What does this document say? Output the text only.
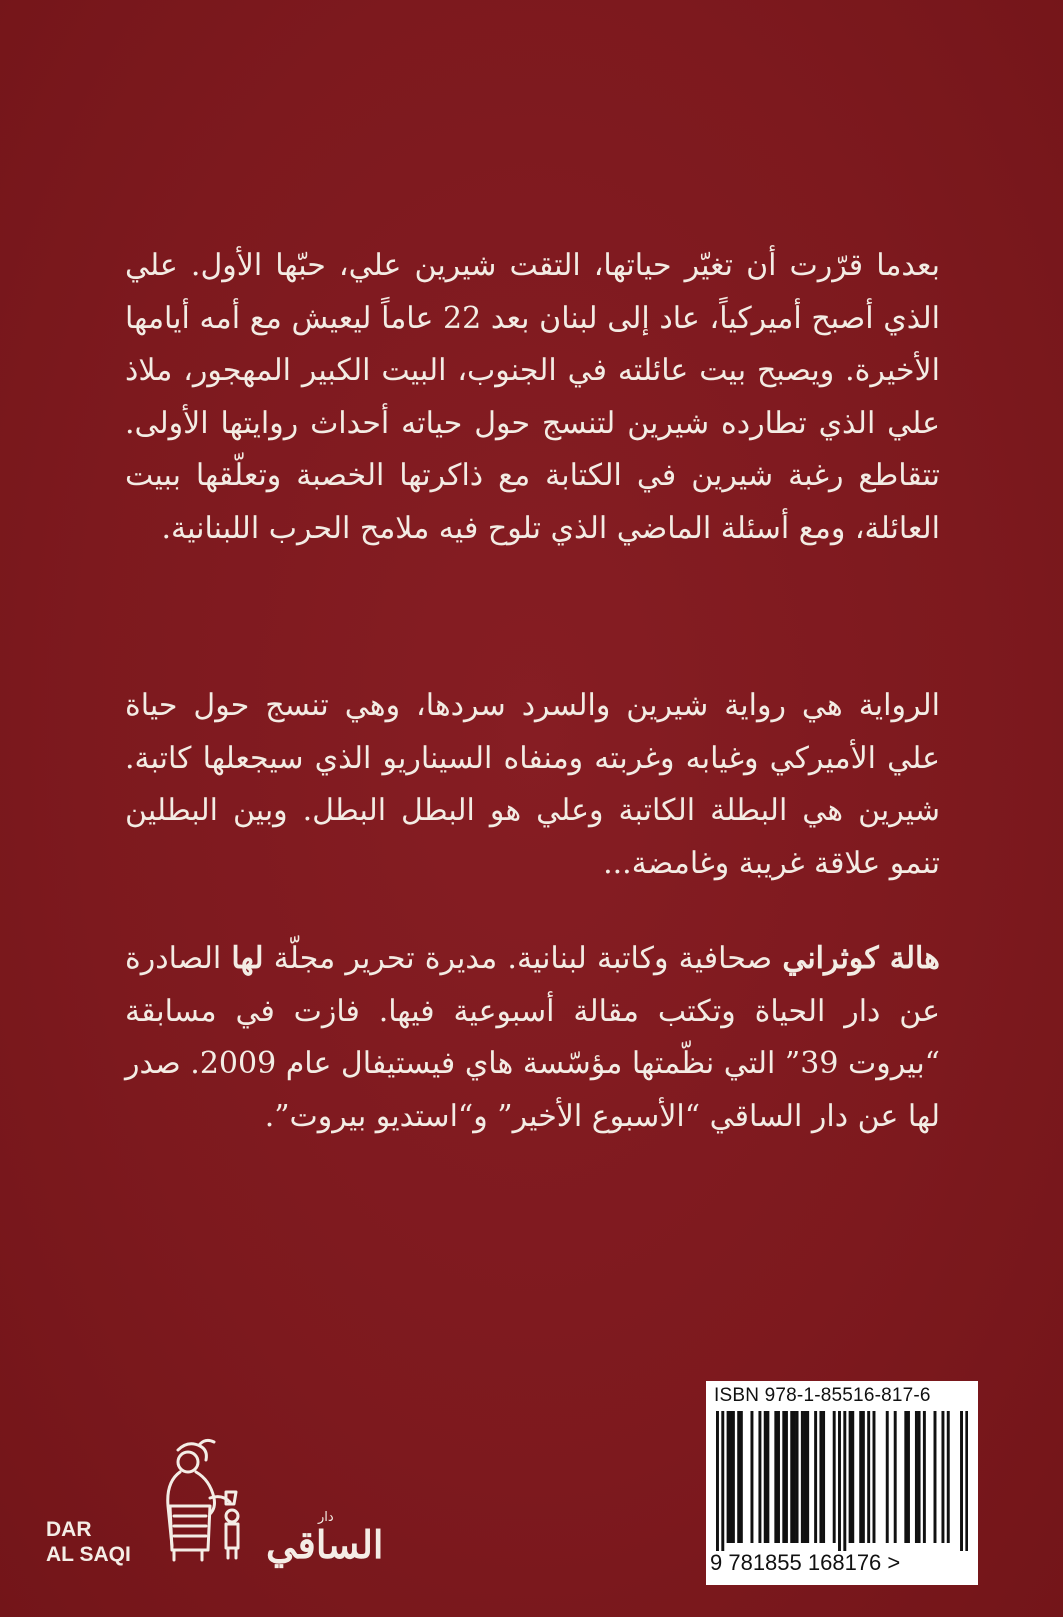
بعدما قرّرت أن تغيّر حياتها، التقت شيرين علي، حبّها الأول. علي الذي أصبح أميركياً، عاد إلى لبنان بعد 22 عاماً ليعيش مع أمه أيامها الأخيرة. ويصبح بيت عائلته في الجنوب، البيت الكبير المهجور، ملاذ علي الذي تطارده شيرين لتنسج حول حياته أحداث روايتها الأولى. تتقاطع رغبة شيرين في الكتابة مع ذاكرتها الخصبة وتعلّقها ببيت العائلة، ومع أسئلة الماضي الذي تلوح فيه ملامح الحرب اللبنانية.

الرواية هي رواية شيرين والسرد سردها، وهي تنسج حول حياة علي الأميركي وغيابه وغربته ومنفاه السيناريو الذي سيجعلها كاتبة. شيرين هي البطلة الكاتبة وعلي هو البطل البطل. وبين البطلين تنمو علاقة غريبة وغامضة...

هالة كوثراني صحافية وكاتبة لبنانية. مديرة تحرير مجلّة لها الصادرة عن دار الحياة وتكتب مقالة أسبوعية فيها. فازت في مسابقة “بيروت 39” التي نظّمتها مؤسّسة هاي فيستيفال عام 2009. صدر لها عن دار الساقي “الأسبوع الأخير” و“استديو بيروت”.

ISBN 978-1-85516-817-6
9 781855 168176 >
DAR
AL SAQI	الساقي
دار
